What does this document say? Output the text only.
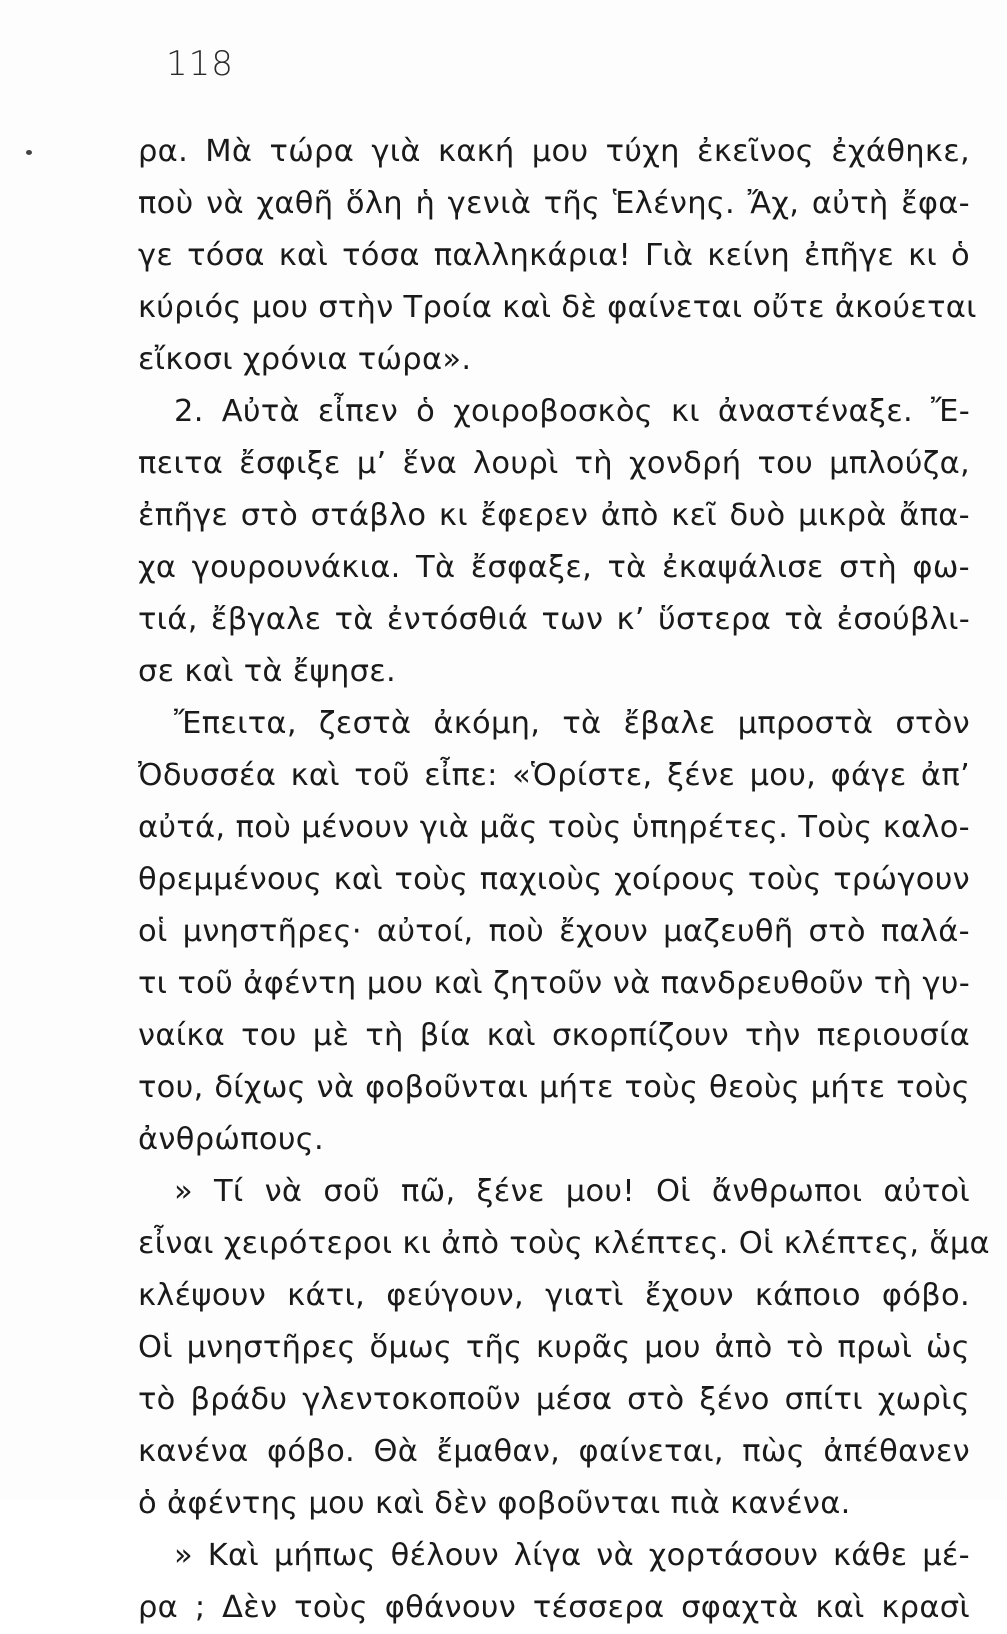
118
ρα. Μὰ τώρα γιὰ κακή μου τύχη ἐκεῖνος ἐχάθηκε,
ποὺ νὰ χαθῆ ὅλη ἡ γενιὰ τῆς Ἑλένης. Ἄχ, αὐτὴ ἔφα-
γε τόσα καὶ τόσα παλληκάρια! Γιὰ κείνη ἐπῆγε κι ὁ
κύριός μου στὴν Τροία καὶ δὲ φαίνεται οὔτε ἀκούεται
εἴκοσι χρόνια τώρα».
2. Αὐτὰ εἶπεν ὁ χοιροβοσκὸς κι ἀναστέναξε. Ἔ-
πειτα ἔσφιξε μ’ ἕνα λουρὶ τὴ χονδρή του μπλούζα,
ἐπῆγε στὸ στάβλο κι ἔφερεν ἀπὸ κεῖ δυὸ μικρὰ ἄπα-
χα γουρουνάκια. Τὰ ἔσφαξε, τὰ ἐκαψάλισε στὴ φω-
τιά, ἔβγαλε τὰ ἐντόσθιά των κ’ ὕστερα τὰ ἐσούβλι-
σε καὶ τὰ ἔψησε.
Ἔπειτα, ζεστὰ ἀκόμη, τὰ ἔβαλε μπροστὰ στὸν
Ὀδυσσέα καὶ τοῦ εἶπε: «Ὁρίστε, ξένε μου, φάγε ἀπ’
αὐτά, ποὺ μένουν γιὰ μᾶς τοὺς ὑπηρέτες. Τοὺς καλο-
θρεμμένους καὶ τοὺς παχιοὺς χοίρους τοὺς τρώγουν
οἱ μνηστῆρες· αὐτοί, ποὺ ἔχουν μαζευθῆ στὸ παλά-
τι τοῦ ἀφέντη μου καὶ ζητοῦν νὰ πανδρευθοῦν τὴ γυ-
ναίκα του μὲ τὴ βία καὶ σκορπίζουν τὴν περιουσία
του, δίχως νὰ φοβοῦνται μήτε τοὺς θεοὺς μήτε τοὺς
ἀνθρώπους.
» Τί νὰ σοῦ πῶ, ξένε μου! Οἱ ἄνθρωποι αὐτοὶ
εἶναι χειρότεροι κι ἀπὸ τοὺς κλέπτες. Οἱ κλέπτες, ἅμα
κλέψουν κάτι, φεύγουν, γιατὶ ἔχουν κάποιο φόβο.
Οἱ μνηστῆρες ὅμως τῆς κυρᾶς μου ἀπὸ τὸ πρωὶ ὡς
τὸ βράδυ γλεντοκοποῦν μέσα στὸ ξένο σπίτι χωρὶς
κανένα φόβο. Θὰ ἔμαθαν, φαίνεται, πὼς ἀπέθανεν
ὁ ἀφέντης μου καὶ δὲν φοβοῦνται πιὰ κανένα.
» Καὶ μήπως θέλουν λίγα νὰ χορτάσουν κάθε μέ-
ρα ; Δὲν τοὺς φθάνουν τέσσερα σφαχτὰ καὶ κρασὶ
